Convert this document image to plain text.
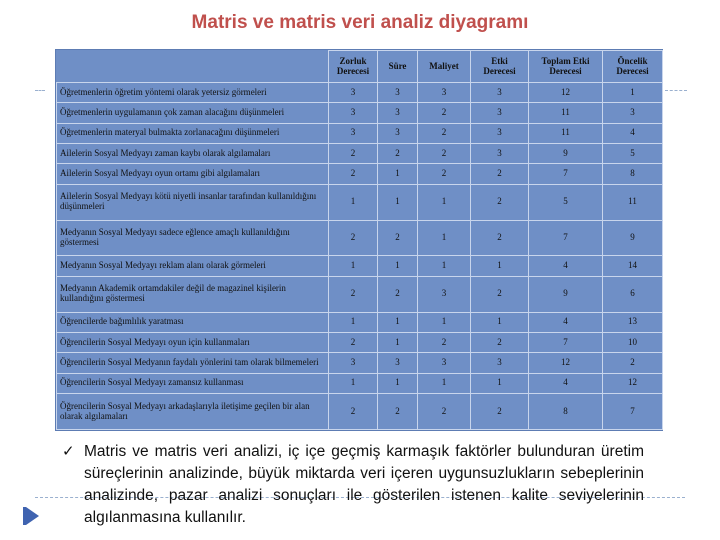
Matris ve matris veri analiz diyagramı
	Zorluk Derecesi	Süre	Maliyet	Etki Derecesi	Toplam Etki Derecesi	Öncelik Derecesi
Öğretmenlerin öğretim yöntemi olarak yetersiz görmeleri	3	3	3	3	12	1
Öğretmenlerin uygulamanın çok zaman alacağını düşünmeleri	3	3	2	3	11	3
Öğretmenlerin materyal bulmakta zorlanacağını düşünmeleri	3	3	2	3	11	4
Ailelerin Sosyal Medyayı zaman kaybı olarak algılamaları	2	2	2	3	9	5
Ailelerin Sosyal Medyayı oyun ortamı gibi algılamaları	2	1	2	2	7	8
Ailelerin Sosyal Medyayı kötü niyetli insanlar tarafından kullanıldığını düşünmeleri	1	1	1	2	5	11
Medyanın Sosyal Medyayı sadece eğlence amaçlı kullanıldığını göstermesi	2	2	1	2	7	9
Medyanın Sosyal Medyayı reklam alanı olarak görmeleri	1	1	1	1	4	14
Medyanın Akademik ortamdakiler değil de magazinel kişilerin kullandığını göstermesi	2	2	3	2	9	6
Öğrencilerde bağımlılık yaratması	1	1	1	1	4	13
Öğrencilerin Sosyal Medyayı oyun için kullanmaları	2	1	2	2	7	10
Öğrencilerin Sosyal Medyanın faydalı yönlerini tam olarak bilmemeleri	3	3	3	3	12	2
Öğrencilerin Sosyal Medyayı zamansız kullanması	1	1	1	1	4	12
Öğrencilerin Sosyal Medyayı arkadaşlarıyla iletişime geçilen bir alan olarak algılamaları	2	2	2	2	8	7
✓ Matris ve matris veri analizi, iç içe geçmiş karmaşık faktörler bulunduran üretim süreçlerinin analizinde, büyük miktarda veri içeren uygunsuzlukların sebeplerinin analizinde, pazar analizi sonuçları ile gösterilen istenen kalite seviyelerinin algılanmasına kullanılır.
